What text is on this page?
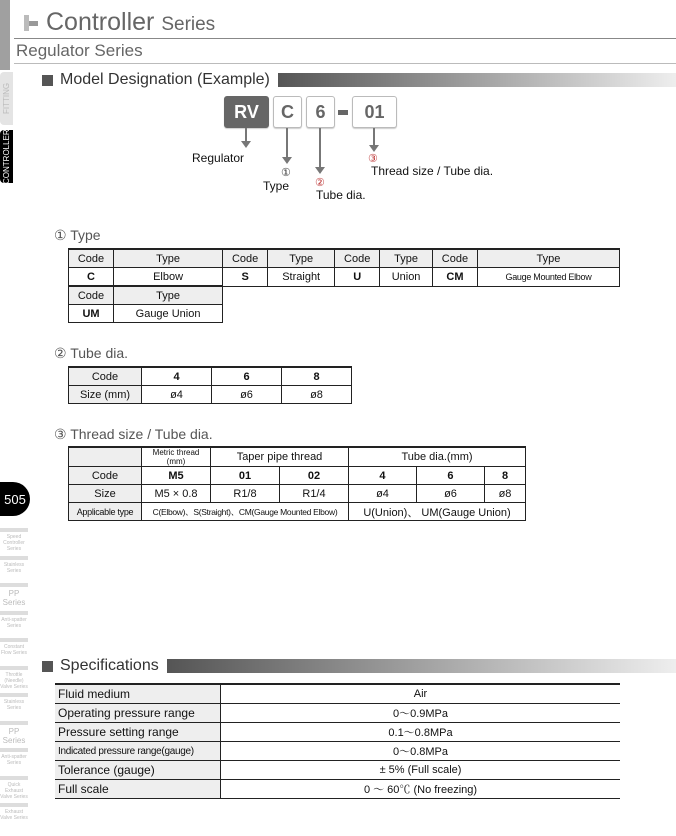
Controller Series
Regulator Series
FITTING
CONTROLLER
505
Speed Controller Series
Stainless Series
PP Series
Anti-spatter Series
Constant Flow Series
Throttle (Needle) Valve Series
Stainless Series
PP Series
Anti-spatter Series
Quick Exhaust Valve Series
Exhaust Valve Series
Model Designation (Example)
RV	C	6	01
Regulator
①
Type ②
Tube dia.
③
Thread size / Tube dia.
① Type
Code	Type	Code	Type	Code	Type	Code	Type
C	Elbow	S	Straight	U	Union	CM	Gauge Mounted Elbow
Code	Type						
UM	Gauge Union						
② Tube dia.
Code	4	6	8
Size (mm)	ø4	ø6	ø8
③ Thread size / Tube dia.
	Metric thread (mm)	Taper pipe thread		Tube dia.(mm)		
Code	M5	01	02	4	6	8
Size	M5 × 0.8	R1/8	R1/4	ø4	ø6	ø8
Applicable type	C(Elbow)、S(Straight)、CM(Gauge Mounted Elbow)			U(Union)、 UM(Gauge Union)		
Specifications
Fluid medium	Air
Operating pressure range	0～0.9MPa
Pressure setting range	0.1～0.8MPa
Indicated pressure range(gauge)	0～0.8MPa
Tolerance (gauge)	± 5% (Full scale)
Full scale	0 ～ 60℃ (No freezing)
